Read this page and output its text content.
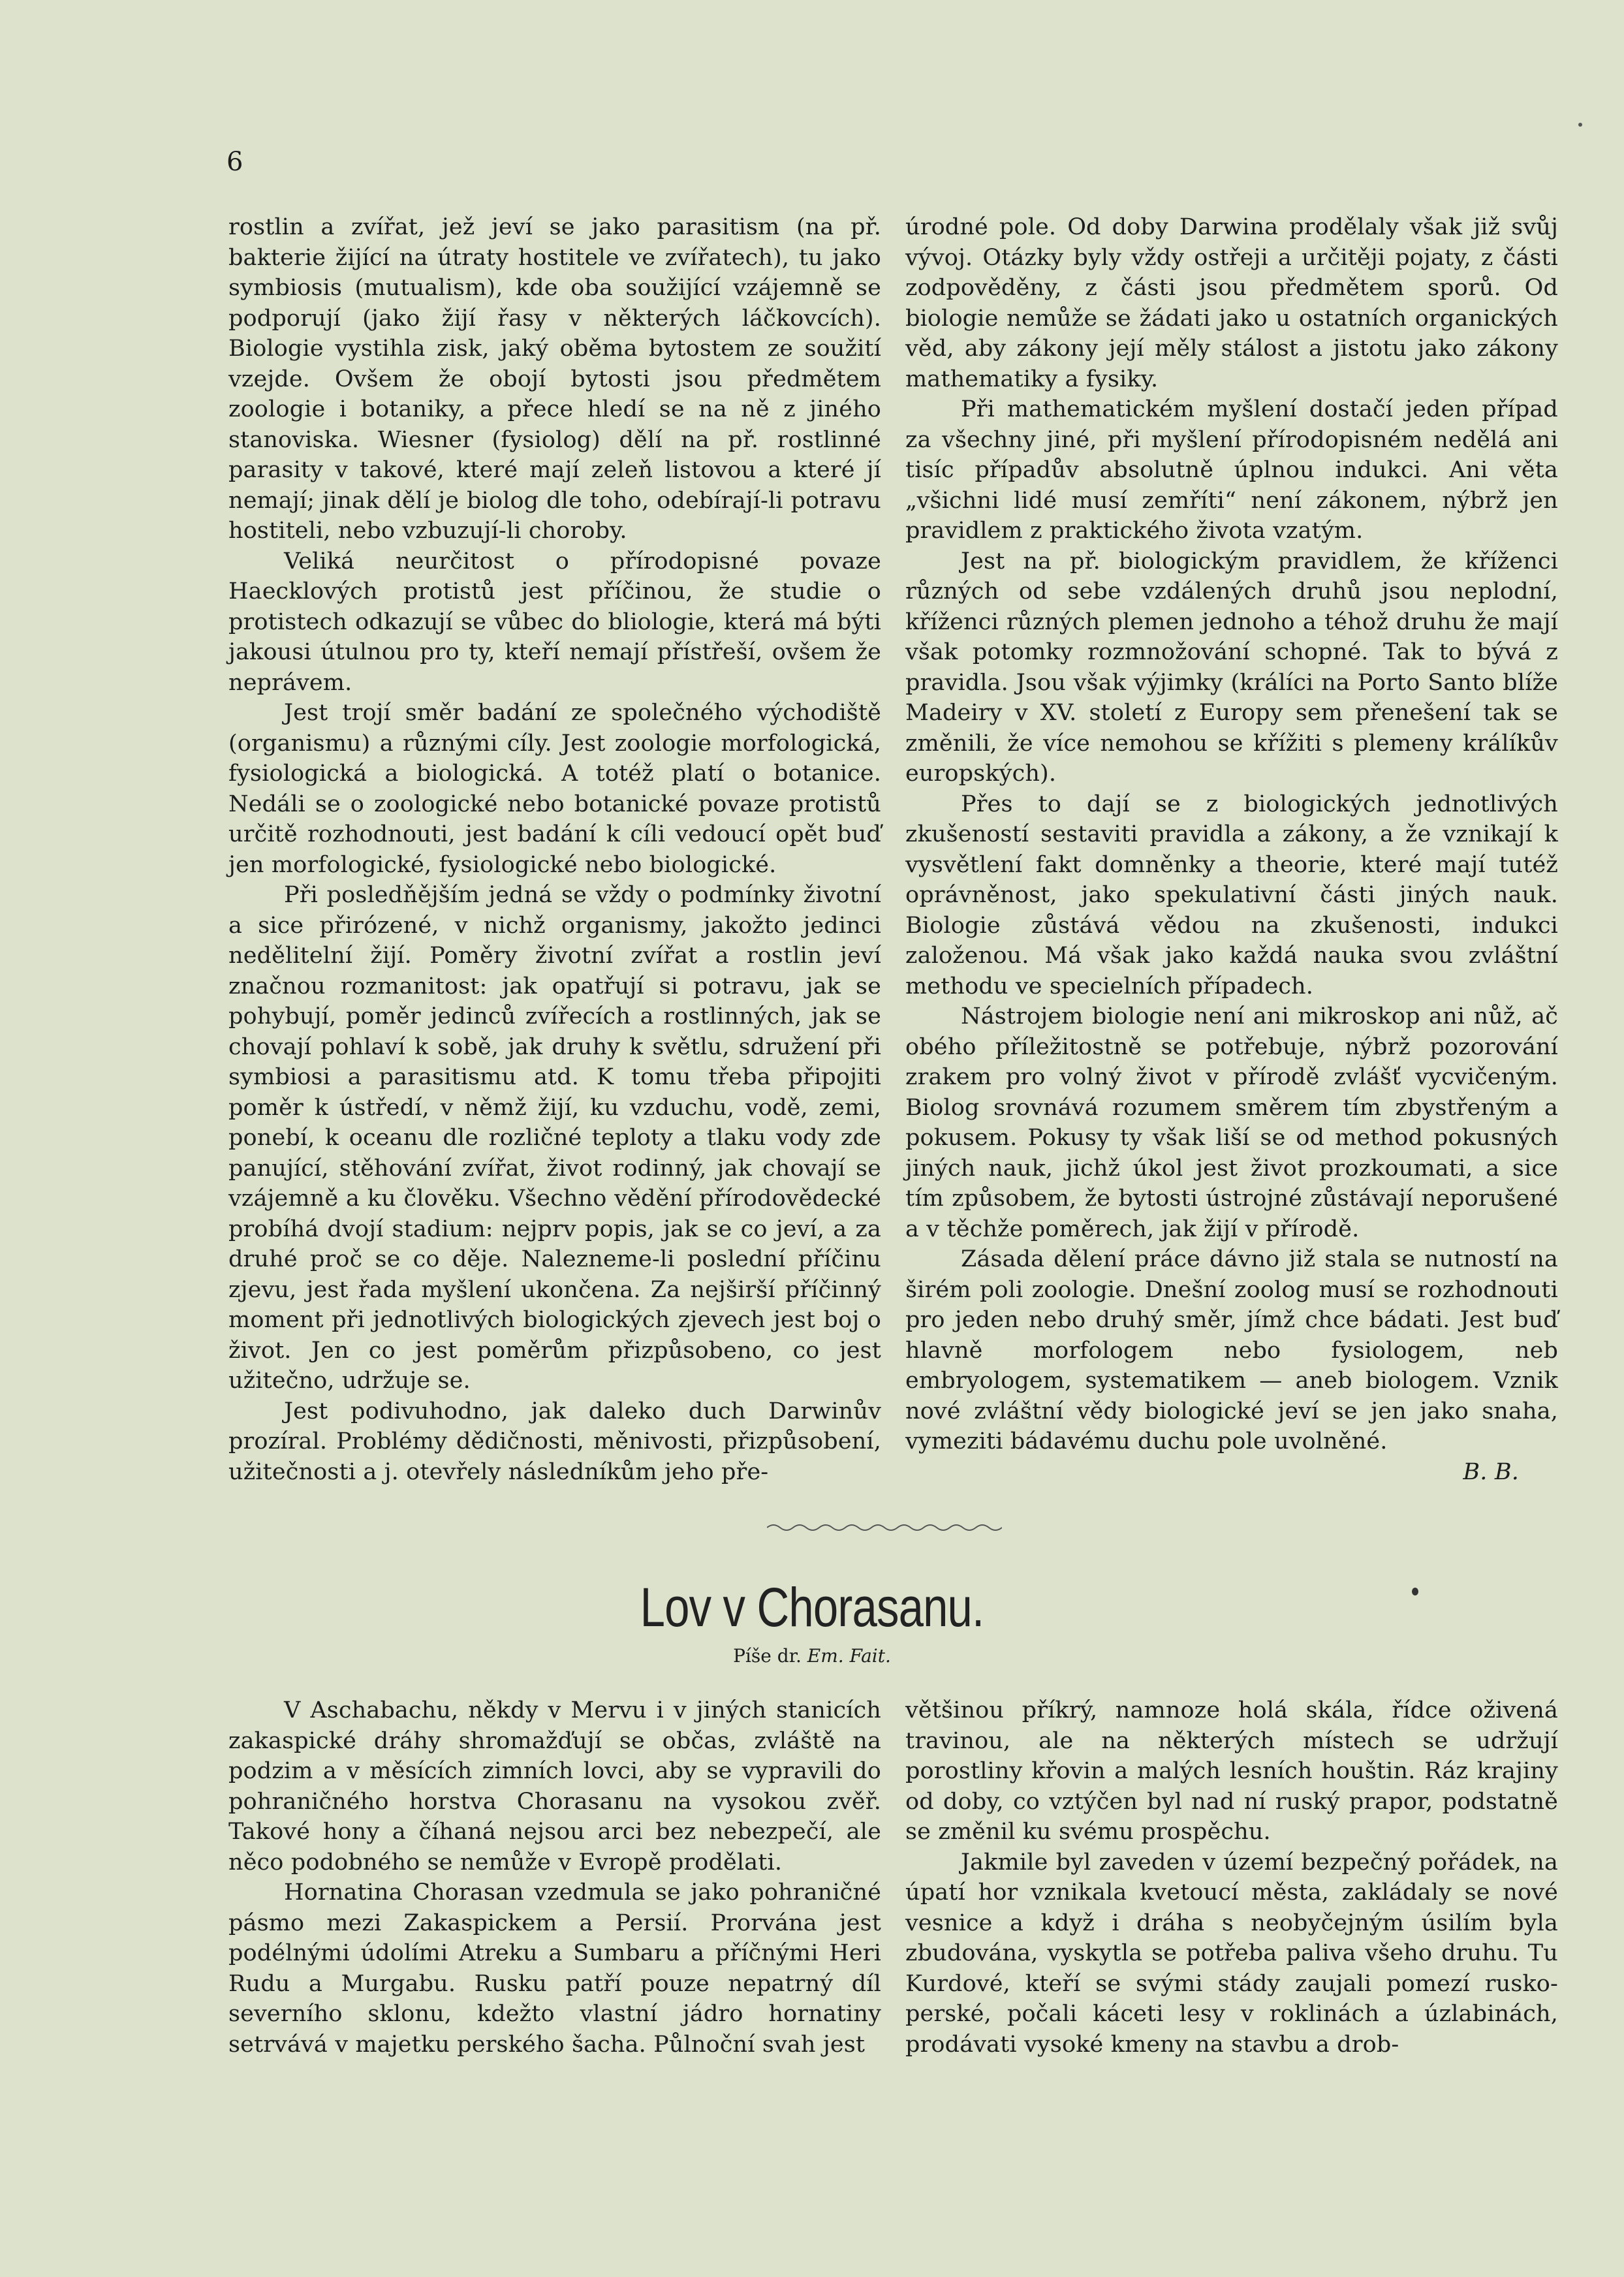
6

rostlin a zvířat, jež jeví se jako parasitism (na př. bakterie žijící na útraty hostitele ve zvířatech), tu jako symbiosis (mutualism), kde oba soužijící vzájemně se podporují (jako žijí řasy v některých láčkovcích). Biologie vystihla zisk, jaký oběma bytostem ze soužití vzejde. Ovšem že obojí bytosti jsou předmětem zoologie i botaniky, a přece hledí se na ně z jiného stanoviska. Wiesner (fysiolog) dělí na př. rostlinné parasity v takové, které mají zeleň listovou a které jí nemají; jinak dělí je biolog dle toho, odebírají-li potravu hostiteli, nebo vzbuzují-li choroby.

Veliká neurčitost o přírodopisné povaze Haecklových protistů jest příčinou, že studie o protistech odkazují se vůbec do bliologie, která má býti jakousi útulnou pro ty, kteří nemají přístřeší, ovšem že neprávem.

Jest trojí směr badání ze společného východiště (organismu) a různými cíly. Jest zoologie morfologická, fysiologická a biologická. A totéž platí o botanice. Nedáli se o zoologické nebo botanické povaze protistů určitě rozhodnouti, jest badání k cíli vedoucí opět buď jen morfologické, fysiologické nebo biologické.

Při posledňějším jedná se vždy o podmínky životní a sice přirózené, v nichž organismy, jakožto jedinci nedělitelní žijí. Poměry životní zvířat a rostlin jeví značnou rozmanitost: jak opatřují si potravu, jak se pohybují, poměr jedinců zvířecích a rostlinných, jak se chovají pohlaví k sobě, jak druhy k světlu, sdružení při symbiosi a parasitismu atd. K tomu třeba připojiti poměr k ústředí, v němž žijí, ku vzduchu, vodě, zemi, ponebí, k oceanu dle rozličné teploty a tlaku vody zde panující, stěhování zvířat, život rodinný, jak chovají se vzájemně a ku člověku. Všechno vědění přírodovědecké probíhá dvojí stadium: nejprv popis, jak se co jeví, a za druhé proč se co děje. Nalezneme-li poslední příčinu zjevu, jest řada myšlení ukončena. Za nejširší příčinný moment při jednotlivých biologických zjevech jest boj o život. Jen co jest poměrům přizpůsobeno, co jest užitečno, udržuje se.

Jest podivuhodno, jak daleko duch Darwinův prozíral. Problémy dědičnosti, měnivosti, přizpůsobení, užitečnosti a j. otevřely následníkům jeho pře-

úrodné pole. Od doby Darwina prodělaly však již svůj vývoj. Otázky byly vždy ostřeji a určitěji pojaty, z části zodpověděny, z části jsou předmětem sporů. Od biologie nemůže se žádati jako u ostatních organických věd, aby zákony její měly stálost a jistotu jako zákony mathematiky a fysiky.

Při mathematickém myšlení dostačí jeden případ za všechny jiné, při myšlení přírodopisném nedělá ani tisíc případův absolutně úplnou indukci. Ani věta „všichni lidé musí zemříti“ není zákonem, nýbrž jen pravidlem z praktického života vzatým.

Jest na př. biologickým pravidlem, že kříženci různých od sebe vzdálených druhů jsou neplodní, kříženci různých plemen jednoho a téhož druhu že mají však potomky rozmnožování schopné. Tak to bývá z pravidla. Jsou však výjimky (králíci na Porto Santo blíže Madeiry v XV. století z Europy sem přenešení tak se změnili, že více nemohou se křížiti s plemeny králíkův europských).

Přes to dají se z biologických jednotlivých zkušeností sestaviti pravidla a zákony, a že vznikají k vysvětlení fakt domněnky a theorie, které mají tutéž oprávněnost, jako spekulativní části jiných nauk. Biologie zůstává vědou na zkušenosti, indukci založenou. Má však jako každá nauka svou zvláštní methodu ve specielních případech.

Nástrojem biologie není ani mikroskop ani nůž, ač obého příležitostně se potřebuje, nýbrž pozorování zrakem pro volný život v přírodě zvlášť vycvičeným. Biolog srovnává rozumem směrem tím zbystřeným a pokusem. Pokusy ty však liší se od method pokusných jiných nauk, jichž úkol jest život prozkoumati, a sice tím způsobem, že bytosti ústrojné zůstávají neporušené a v těchže poměrech, jak žijí v přírodě.

Zásada dělení práce dávno již stala se nutností na širém poli zoologie. Dnešní zoolog musí se rozhodnouti pro jeden nebo druhý směr, jímž chce bádati. Jest buď hlavně morfologem nebo fysiologem, neb embryologem, systematikem — aneb biologem. Vznik nové zvláštní vědy biologické jeví se jen jako snaha, vymeziti bádavému duchu pole uvolněné.

B. B.

Lov v Chorasanu.
Píše dr. Em. Fait.

V Aschabachu, někdy v Mervu i v jiných stanicích zakaspické dráhy shromažďují se občas, zvláště na podzim a v měsících zimních lovci, aby se vypravili do pohraničného horstva Chorasanu na vysokou zvěř. Takové hony a číhaná nejsou arci bez nebezpečí, ale něco podobného se nemůže v Evropě prodělati.

Hornatina Chorasan vzedmula se jako pohraničné pásmo mezi Zakaspickem a Persií. Prorvána jest podélnými údolími Atreku a Sumbaru a příčnými Heri Rudu a Murgabu. Rusku patří pouze nepatrný díl severního sklonu, kdežto vlastní jádro hornatiny setrvává v majetku perského šacha. Půlnoční svah jest

většinou příkrý, namnoze holá skála, řídce oživená travinou, ale na některých místech se udržují porostliny křovin a malých lesních houštin. Ráz krajiny od doby, co vztýčen byl nad ní ruský prapor, podstatně se změnil ku svému prospěchu.

Jakmile byl zaveden v území bezpečný pořádek, na úpatí hor vznikala kvetoucí města, zakládaly se nové vesnice a když i dráha s neobyčejným úsilím byla zbudována, vyskytla se potřeba paliva všeho druhu. Tu Kurdové, kteří se svými stády zaujali pomezí rusko-perské, počali káceti lesy v roklinách a úzlabinách, prodávati vysoké kmeny na stavbu a drob-
